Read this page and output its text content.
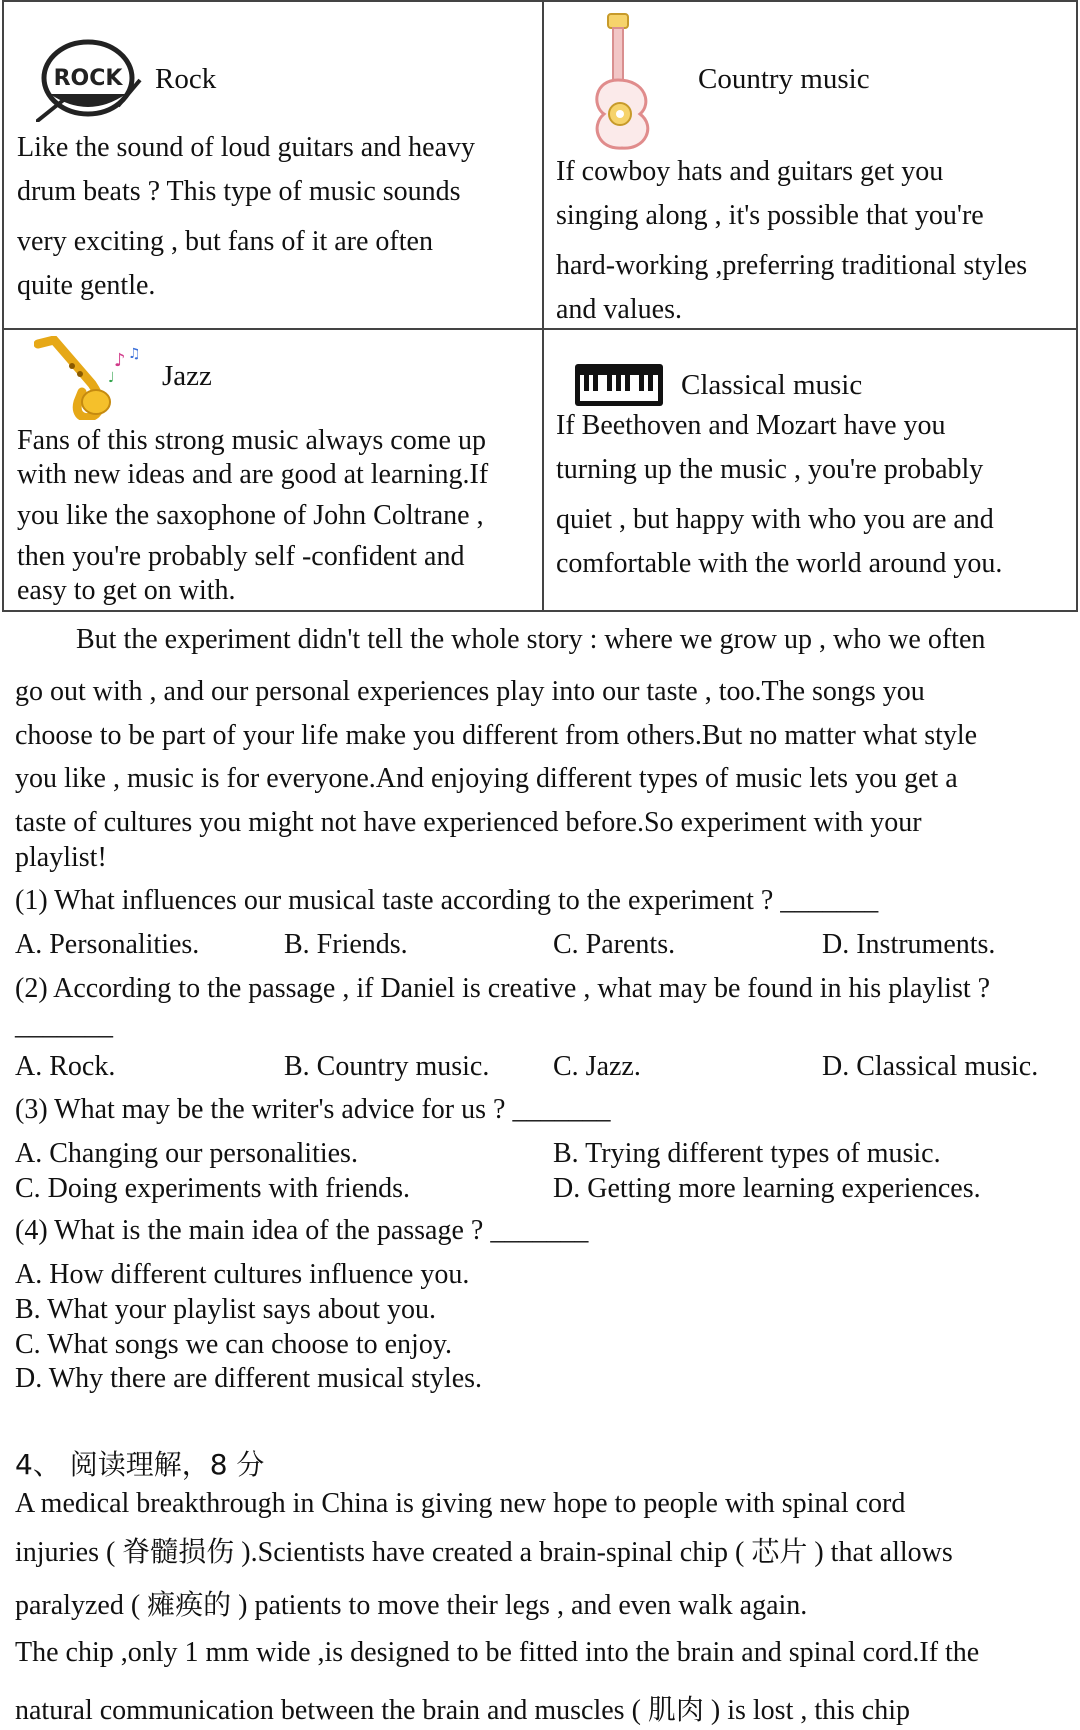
ROCK Rock
Like the sound of loud guitars and heavy
drum beats ? This type of music sounds
very exciting , but fans of it are often
quite gentle.
Country music
If cowboy hats and guitars get you
singing along , it's possible that you're
hard-working ,preferring traditional styles
and values.
♪ ♫
♩ Jazz
Fans of this strong music always come up
with new ideas and are good at learning.If
you like the saxophone of John Coltrane ,
then you're probably self -confident and
easy to get on with.
Classical music
If Beethoven and Mozart have you
turning up the music , you're probably
quiet , but happy with who you are and
comfortable with the world around you.
But the experiment didn't tell the whole story : where we grow up , who we often
go out with , and our personal experiences play into our taste , too.The songs you
choose to be part of your life make you different from others.But no matter what style
you like , music is for everyone.And enjoying different types of music lets you get a
taste of cultures you might not have experienced before.So experiment with your
playlist!
(1) What influences our musical taste according to the experiment ? _______
A. Personalities.	B. Friends.	C. Parents.	D. Instruments.
(2) According to the passage , if Daniel is creative , what may be found in his playlist ?
_______
A. Rock.	B. Country music. C. Jazz.	D. Classical music.
(3) What may be the writer's advice for us ? _______
A. Changing our personalities.	B. Trying different types of music.
C. Doing experiments with friends.	D. Getting more learning experiences.
(4) What is the main idea of the passage ? _______
A. How different cultures influence you.
B. What your playlist says about you.
C. What songs we can choose to enjoy.
D. Why there are different musical styles.
4、 阅读理解，8 分
A medical breakthrough in China is giving new hope to people with spinal cord
injuries ( 脊髓损伤 ).Scientists have created a brain-spinal chip ( 芯片 ) that allows
paralyzed ( 瘫痪的 ) patients to move their legs , and even walk again.
The chip ,only 1 mm wide ,is designed to be fitted into the brain and spinal cord.If the
natural communication between the brain and muscles ( 肌肉 ) is lost , this chip
